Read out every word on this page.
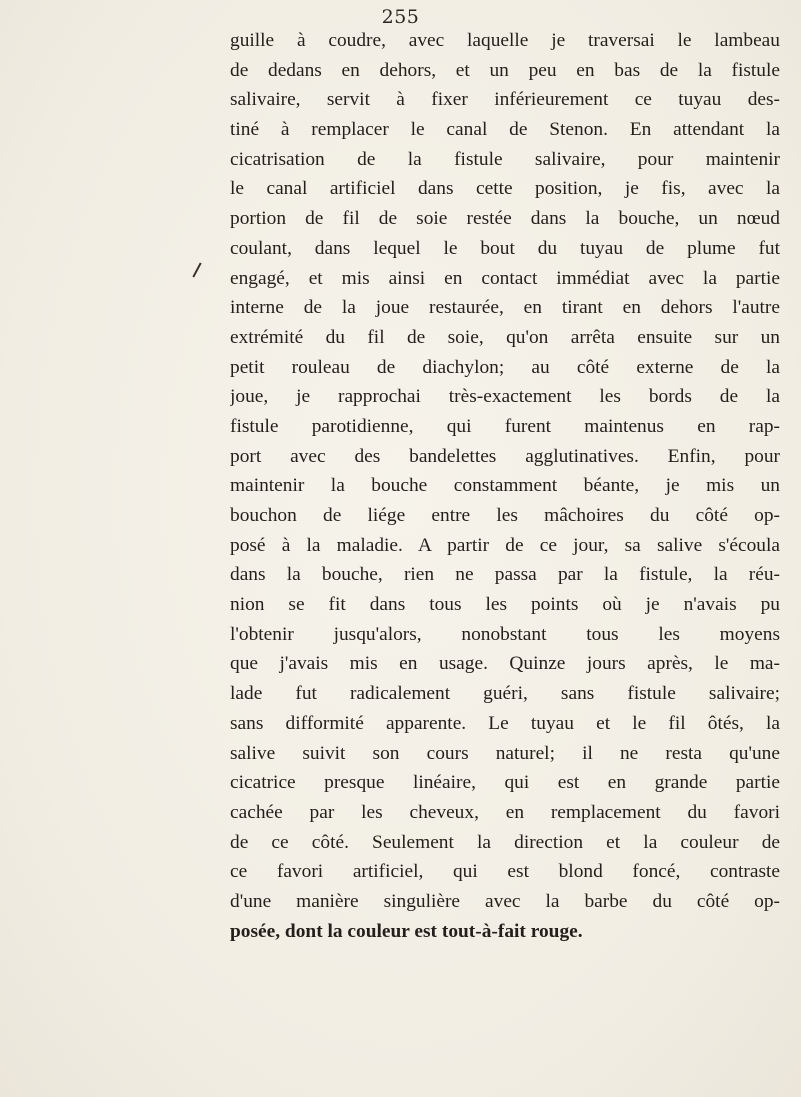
255
guille à coudre, avec laquelle je traversai le lambeau
de dedans en dehors, et un peu en bas de la fistule
salivaire, servit à fixer inférieurement ce tuyau des-
tiné à remplacer le canal de Stenon. En attendant la
cicatrisation de la fistule salivaire, pour maintenir
le canal artificiel dans cette position, je fis, avec la
portion de fil de soie restée dans la bouche, un nœud
coulant, dans lequel le bout du tuyau de plume fut
engagé, et mis ainsi en contact immédiat avec la partie
interne de la joue restaurée, en tirant en dehors l'autre
extrémité du fil de soie, qu'on arrêta ensuite sur un
petit rouleau de diachylon; au côté externe de la
joue, je rapprochai très-exactement les bords de la
fistule parotidienne, qui furent maintenus en rap-
port avec des bandelettes agglutinatives. Enfin, pour
maintenir la bouche constamment béante, je mis un
bouchon de liége entre les mâchoires du côté op-
posé à la maladie. A partir de ce jour, sa salive s'écoula
dans la bouche, rien ne passa par la fistule, la réu-
nion se fit dans tous les points où je n'avais pu
l'obtenir jusqu'alors, nonobstant tous les moyens
que j'avais mis en usage. Quinze jours après, le ma-
lade fut radicalement guéri, sans fistule salivaire;
sans difformité apparente. Le tuyau et le fil ôtés, la
salive suivit son cours naturel; il ne resta qu'une
cicatrice presque linéaire, qui est en grande partie
cachée par les cheveux, en remplacement du favori
de ce côté. Seulement la direction et la couleur de
ce favori artificiel, qui est blond foncé, contraste
d'une manière singulière avec la barbe du côté op-
posée, dont la couleur est tout-à-fait rouge.
